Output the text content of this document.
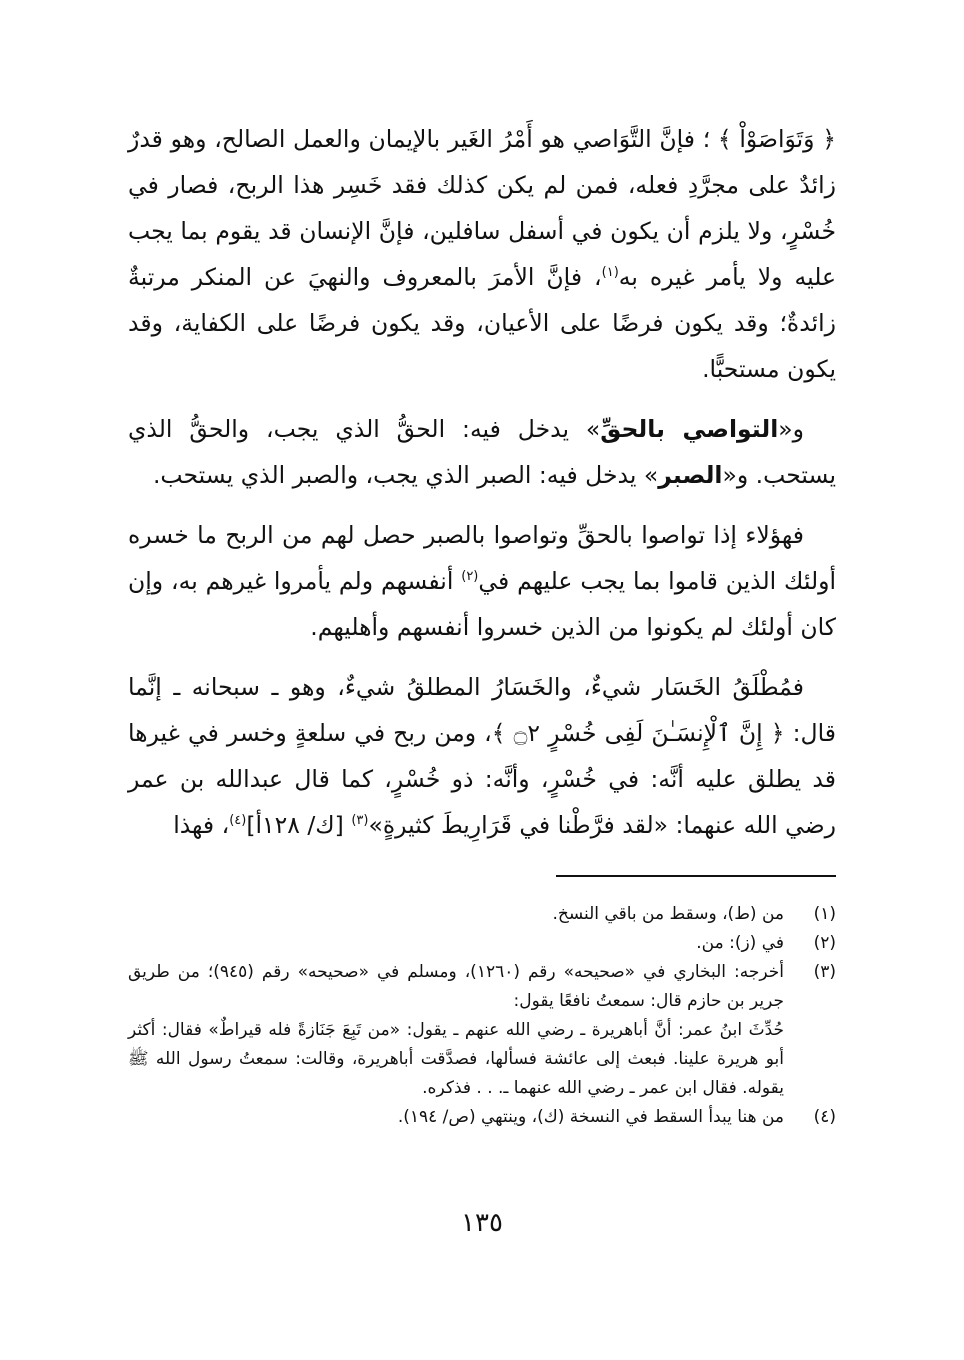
﴿ وَتَوَاصَوْاْ ﴾ ؛ فإنَّ التَّوَاصي هو أَمْرُ الغَير بالإيمان والعمل الصالح، وهو قدرٌ زائدٌ على مجرَّدِ فعله، فمن لم يكن كذلك فقد خَسِر هذا الربح، فصار في خُسْرٍ، ولا يلزم أن يكون في أسفل سافلين، فإنَّ الإنسان قد يقوم بما يجب عليه ولا يأمر غيره به$^{(١)}$، فإنَّ الأمرَ بالمعروف والنهيَ عن المنكر مرتبةٌ زائدةٌ؛ وقد يكون فرضًا على الأعيان، وقد يكون فرضًا على الكفاية، وقد يكون مستحبًّا.

و«التواصي بالحقِّ» يدخل فيه: الحقُّ الذي يجب، والحقُّ الذي يستحب. و«الصبر» يدخل فيه: الصبر الذي يجب، والصبر الذي يستحب.

فهؤلاء إذا تواصوا بالحقِّ وتواصوا بالصبر حصل لهم من الربح ما خسره أولئك الذين قاموا بما يجب عليهم في$^{(٢)}$ أنفسهم ولم يأمروا غيرهم به، وإن كان أولئك لم يكونوا من الذين خسروا أنفسهم وأهليهم.

فمُطْلَقُ الخَسَار شيءٌ، والخَسَارُ المطلقُ شيءٌ، وهو ـ سبحانه ـ إنَّما قال: ﴿ إِنَّ ٱلْإِنسَـٰنَ لَفِى خُسْرٍ ۝٢ ﴾، ومن ربح في سلعةٍ وخسر في غيرها قد يطلق عليه أنَّه: في خُسْرٍ، وأنَّه: ذو خُسْرٍ، كما قال عبدالله بن عمر رضي الله عنهما: «لقد فرَّطْنا في قَرَارِيطَ كثيرةٍ»$^{(٣)}$ [ك/ ١٢٨أ]$^{(٤)}$، فهذا

(١)
من (ط)، وسقط من باقي النسخ.
(٢)
في (ز): من.
(٣)
أخرجه: البخاري في «صحيحه» رقم (١٢٦٠)، ومسلم في «صحيحه» رقم (٩٤٥)؛ من طريق جرير بن حازم قال: سمعتُ نافعًا يقول:
حُدِّثَ ابنُ عمر: أنَّ أباهريرة ـ رضي الله عنهم ـ يقول: «من تَبِعَ جَنَازةً فله قيراطٌ» فقال: أكثر أبو هريرة علينا. فبعث إلى عائشة فسألها، فصدَّقت أباهريرة، وقالت: سمعتُ رسول الله ﷺ يقوله. فقال ابن عمر ـ رضي الله عنهما ـ. . . فذكره.
(٤)
من هنا يبدأ السقط في النسخة (ك)، وينتهي (ص/ ١٩٤).
١٣٥
